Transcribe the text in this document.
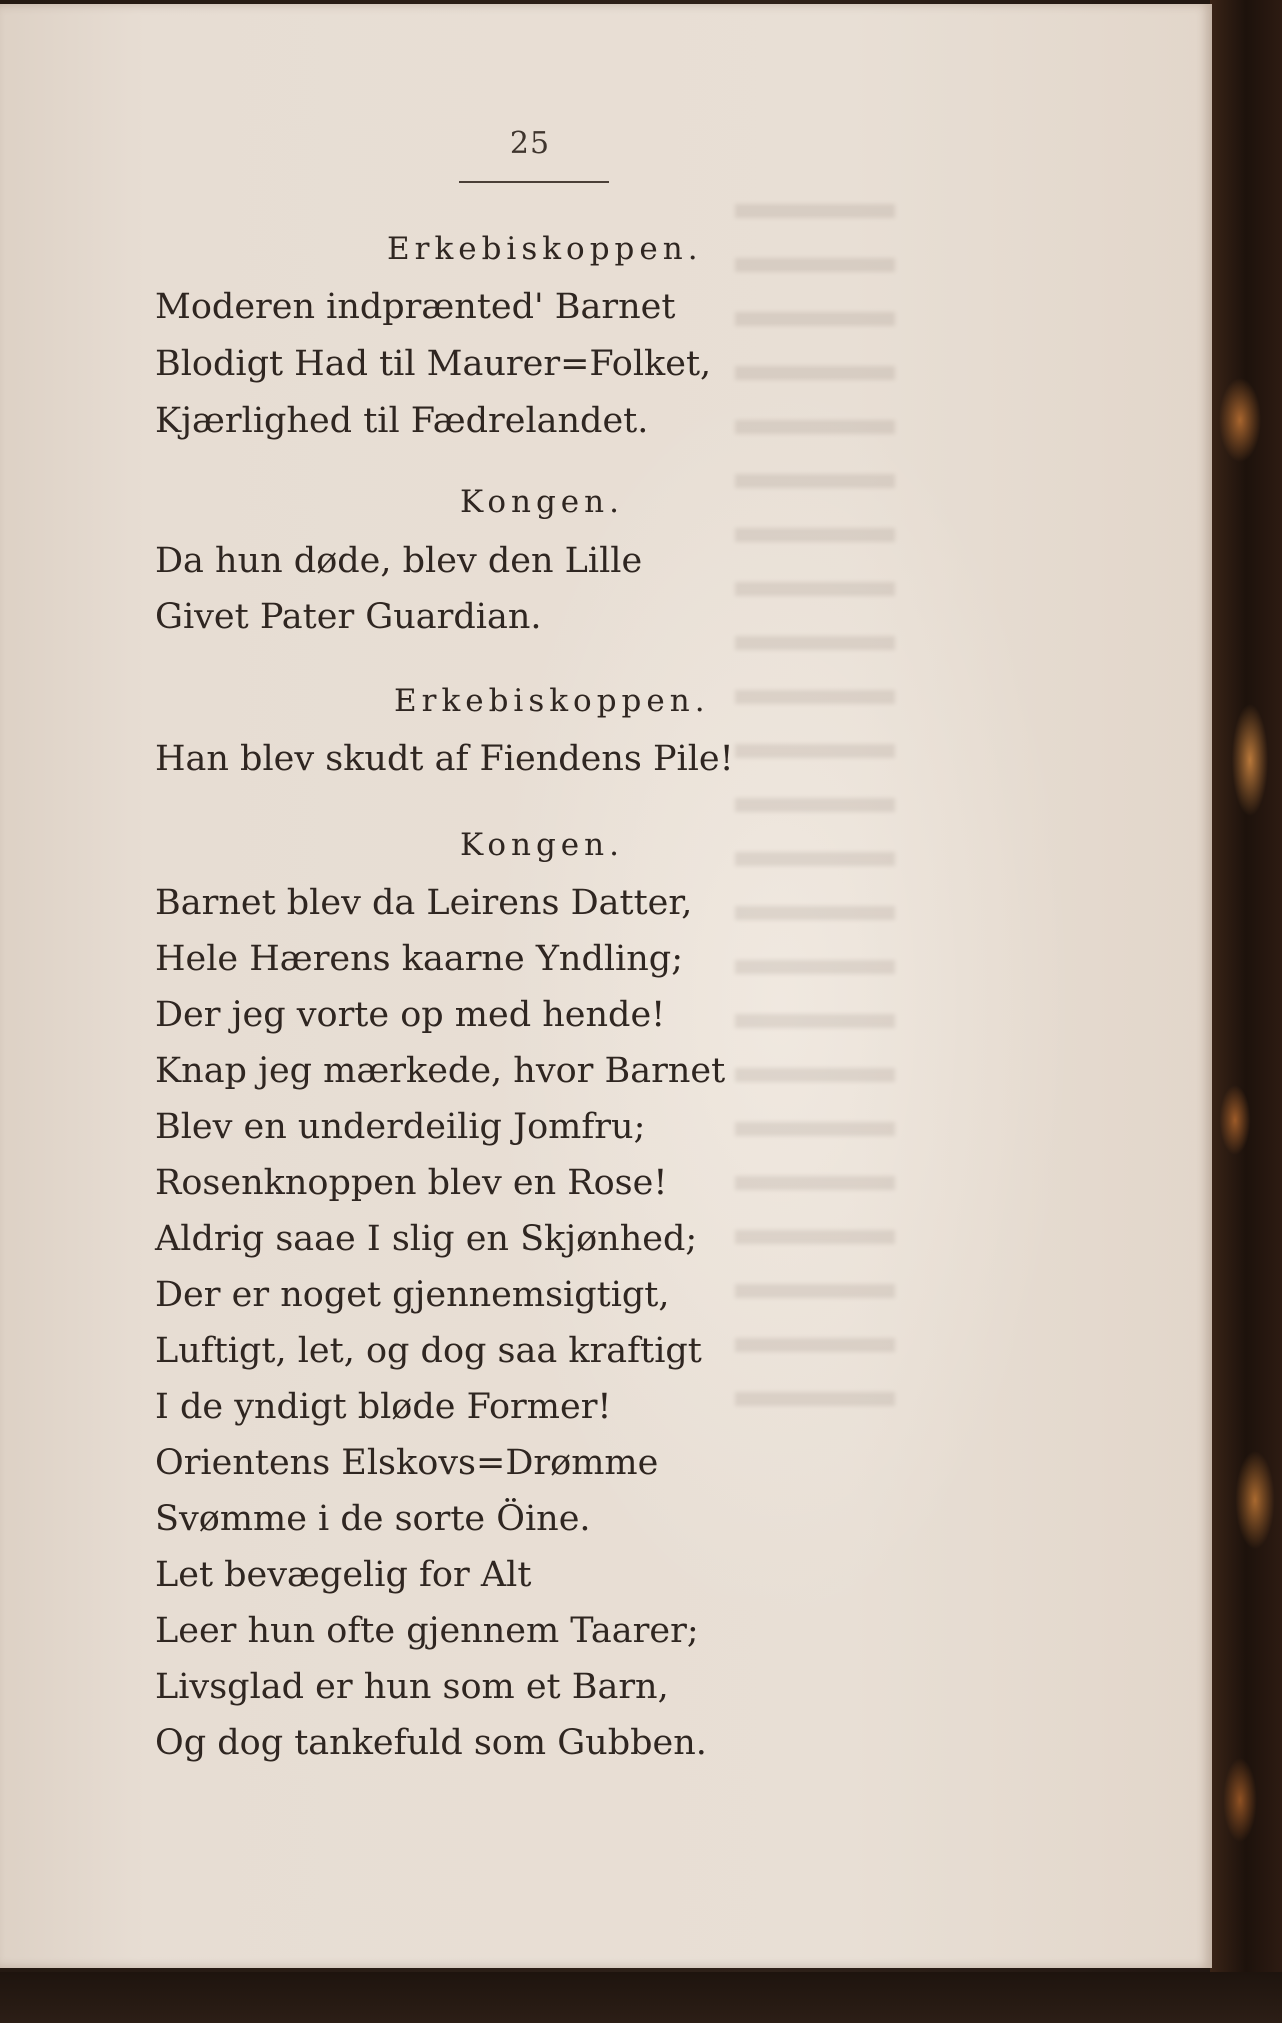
25
Erkebiskoppen.
Moderen indprænted' Barnet
Blodigt Had til Maurer=Folket,
Kjærlighed til Fædrelandet.
Kongen.
Da hun døde, blev den Lille
Givet Pater Guardian.
Erkebiskoppen.
Han blev skudt af Fiendens Pile!
Kongen.
Barnet blev da Leirens Datter,
Hele Hærens kaarne Yndling;
Der jeg vorte op med hende!
Knap jeg mærkede, hvor Barnet
Blev en underdeilig Jomfru;
Rosenknoppen blev en Rose!
Aldrig saae I slig en Skjønhed;
Der er noget gjennemsigtigt,
Luftigt, let, og dog saa kraftigt
I de yndigt bløde Former!
Orientens Elskovs=Drømme
Svømme i de sorte Öine.
Let bevægelig for Alt
Leer hun ofte gjennem Taarer;
Livsglad er hun som et Barn,
Og dog tankefuld som Gubben.
